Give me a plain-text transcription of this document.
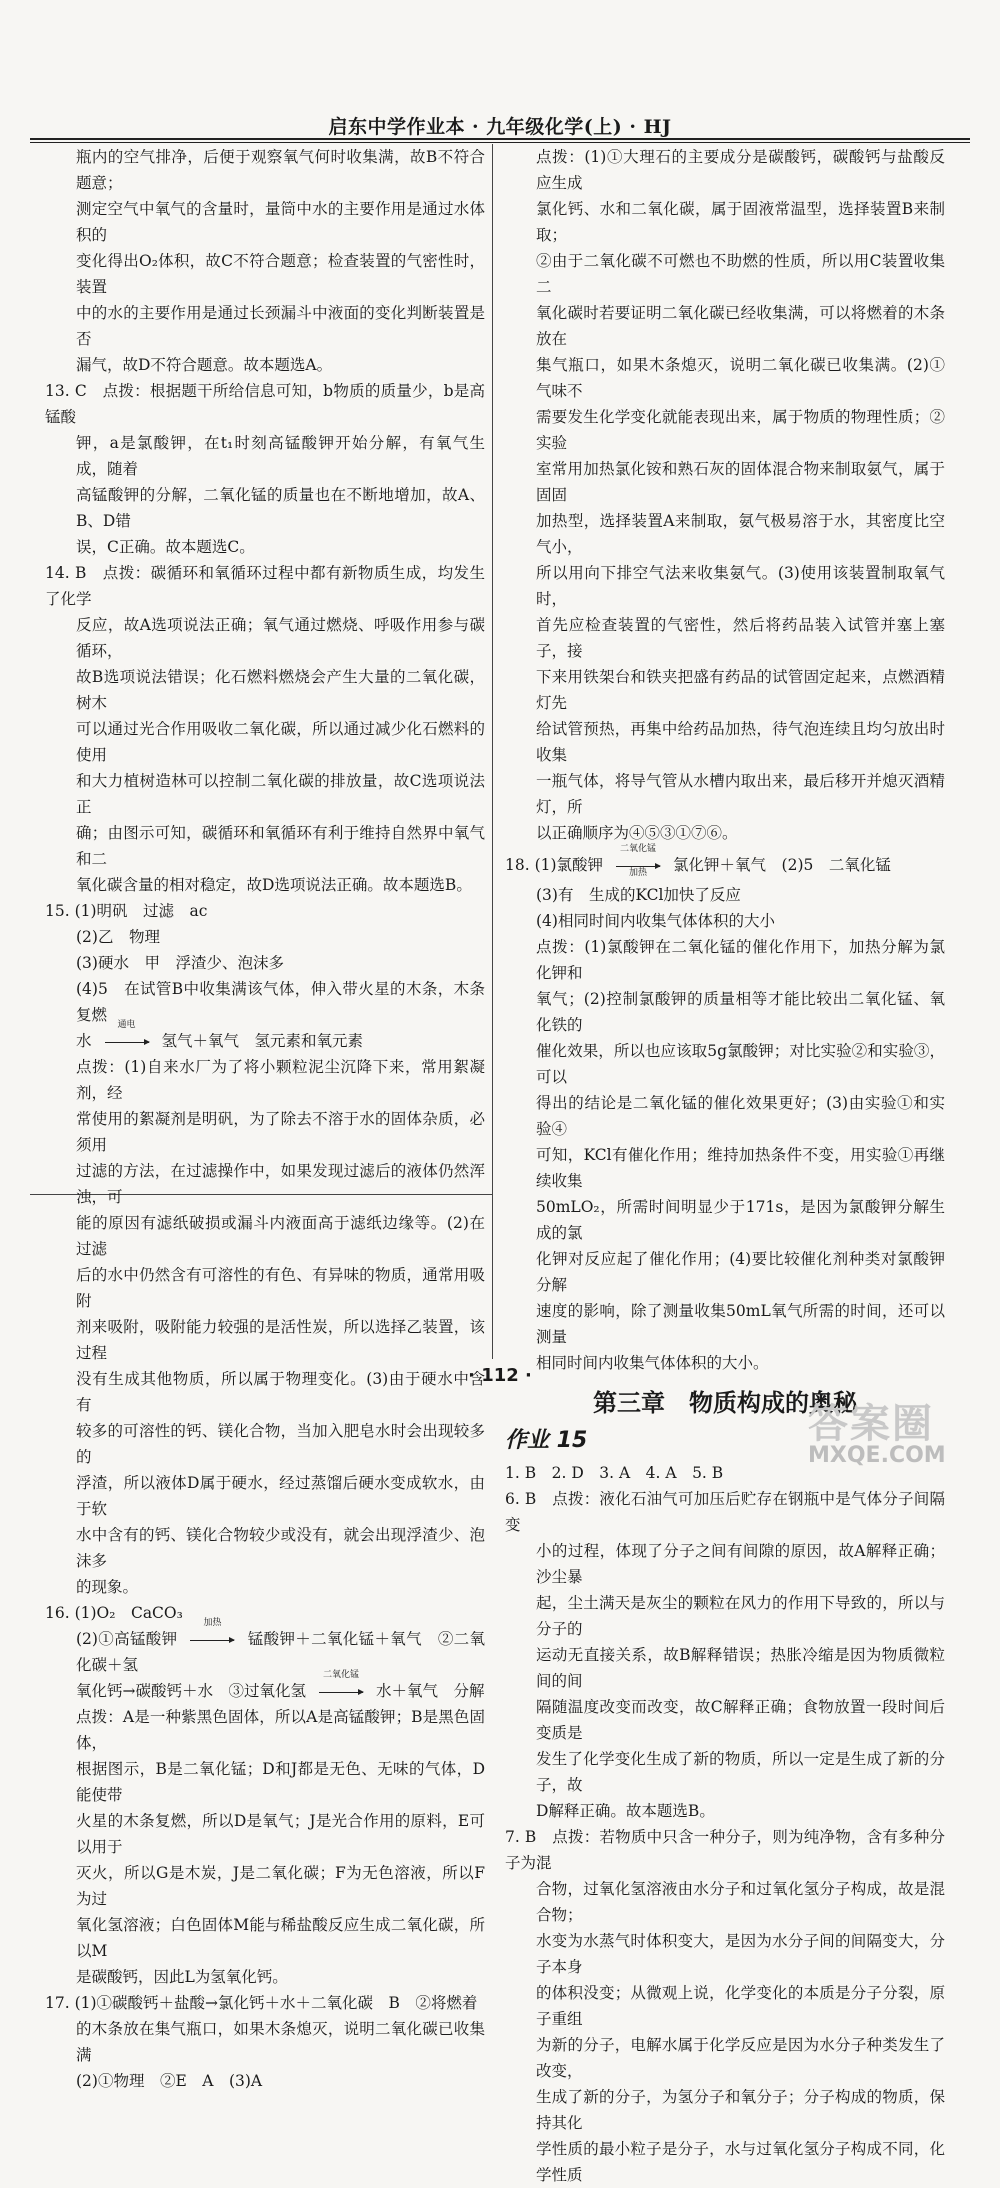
启东中学作业本 · 九年级化学(上) · HJ

瓶内的空气排净，后便于观察氧气何时收集满，故B不符合题意；

测定空气中氧气的含量时，量筒中水的主要作用是通过水体积的

变化得出O₂体积，故C不符合题意；检查装置的气密性时，装置

中的水的主要作用是通过长颈漏斗中液面的变化判断装置是否

漏气，故D不符合题意。故本题选A。

13. C　点拨：根据题干所给信息可知，b物质的质量少，b是高锰酸

钾，a是氯酸钾，在t₁时刻高锰酸钾开始分解，有氧气生成，随着

高锰酸钾的分解，二氧化锰的质量也在不断地增加，故A、B、D错

误，C正确。故本题选C。

14. B　点拨：碳循环和氧循环过程中都有新物质生成，均发生了化学

反应，故A选项说法正确；氧气通过燃烧、呼吸作用参与碳循环，

故B选项说法错误；化石燃料燃烧会产生大量的二氧化碳，树木

可以通过光合作用吸收二氧化碳，所以通过减少化石燃料的使用

和大力植树造林可以控制二氧化碳的排放量，故C选项说法正

确；由图示可知，碳循环和氧循环有利于维持自然界中氧气和二

氧化碳含量的相对稳定，故D选项说法正确。故本题选B。

15. (1)明矾　过滤　ac

(2)乙　物理

(3)硬水　甲　浮渣少、泡沫多

(4)5　在试管B中收集满该气体，伸入带火星的木条，木条复燃

水
通电
氢气＋氧气　氢元素和氧元素

点拨：(1)自来水厂为了将小颗粒泥尘沉降下来，常用絮凝剂，经

常使用的絮凝剂是明矾，为了除去不溶于水的固体杂质，必须用

过滤的方法，在过滤操作中，如果发现过滤后的液体仍然浑浊，可

能的原因有滤纸破损或漏斗内液面高于滤纸边缘等。(2)在过滤

后的水中仍然含有可溶性的有色、有异味的物质，通常用吸附

剂来吸附，吸附能力较强的是活性炭，所以选择乙装置，该过程

没有生成其他物质，所以属于物理变化。(3)由于硬水中含有

较多的可溶性的钙、镁化合物，当加入肥皂水时会出现较多的

浮渣，所以液体D属于硬水，经过蒸馏后硬水变成软水，由于软

水中含有的钙、镁化合物较少或没有，就会出现浮渣少、泡沫多

的现象。

16. (1)O₂　CaCO₃

(2)①高锰酸钾
加热
锰酸钾＋二氧化锰＋氧气　②二氧化碳＋氢

氧化钙→碳酸钙＋水　③过氧化氢
二氧化锰
水＋氧气　分解

点拨：A是一种紫黑色固体，所以A是高锰酸钾；B是黑色固体，

根据图示，B是二氧化锰；D和J都是无色、无味的气体，D能使带

火星的木条复燃，所以D是氧气；J是光合作用的原料，E可以用于

灭火，所以G是木炭，J是二氧化碳；F为无色溶液，所以F为过

氧化氢溶液；白色固体M能与稀盐酸反应生成二氧化碳，所以M

是碳酸钙，因此L为氢氧化钙。

17. (1)①碳酸钙＋盐酸→氯化钙＋水＋二氧化碳　B　②将燃着

的木条放在集气瓶口，如果木条熄灭，说明二氧化碳已收集满

(2)①物理　②E　A　(3)A

点拨：(1)①大理石的主要成分是碳酸钙，碳酸钙与盐酸反应生成

氯化钙、水和二氧化碳，属于固液常温型，选择装置B来制取；

②由于二氧化碳不可燃也不助燃的性质，所以用C装置收集二

氧化碳时若要证明二氧化碳已经收集满，可以将燃着的木条放在

集气瓶口，如果木条熄灭，说明二氧化碳已收集满。(2)①气味不

需要发生化学变化就能表现出来，属于物质的物理性质；②实验

室常用加热氯化铵和熟石灰的固体混合物来制取氨气，属于固固

加热型，选择装置A来制取，氨气极易溶于水，其密度比空气小，

所以用向下排空气法来收集氨气。(3)使用该装置制取氧气时，

首先应检查装置的气密性，然后将药品装入试管并塞上塞子，接

下来用铁架台和铁夹把盛有药品的试管固定起来，点燃酒精灯先

给试管预热，再集中给药品加热，待气泡连续且均匀放出时收集

一瓶气体，将导气管从水槽内取出来，最后移开并熄灭酒精灯，所

以正确顺序为④⑤③①⑦⑥。

18. (1)氯酸钾
二氧化锰
加热	氯化钾＋氧气　(2)5　二氧化锰

(3)有　生成的KCl加快了反应

(4)相同时间内收集气体体积的大小

点拨：(1)氯酸钾在二氧化锰的催化作用下，加热分解为氯化钾和

氧气；(2)控制氯酸钾的质量相等才能比较出二氧化锰、氧化铁的

催化效果，所以也应该取5g氯酸钾；对比实验②和实验③，可以

得出的结论是二氧化锰的催化效果更好；(3)由实验①和实验④

可知，KCl有催化作用；维持加热条件不变，用实验①再继续收集

50mLO₂，所需时间明显少于171s，是因为氯酸钾分解生成的氯

化钾对反应起了催化作用；(4)要比较催化剂种类对氯酸钾分解

速度的影响，除了测量收集50mL氧气所需的时间，还可以测量

相同时间内收集气体体积的大小。

第三章　物质构成的奥秘
作业 15

1. B　2. D　3. A　4. A　5. B

6. B　点拨：液化石油气可加压后贮存在钢瓶中是气体分子间隔变

小的过程，体现了分子之间有间隙的原因，故A解释正确；沙尘暴

起，尘土满天是灰尘的颗粒在风力的作用下导致的，所以与分子的

运动无直接关系，故B解释错误；热胀冷缩是因为物质微粒间的间

隔随温度改变而改变，故C解释正确；食物放置一段时间后变质是

发生了化学变化生成了新的物质，所以一定是生成了新的分子，故

D解释正确。故本题选B。

7. B　点拨：若物质中只含一种分子，则为纯净物，含有多种分子为混

合物，过氧化氢溶液由水分子和过氧化氢分子构成，故是混合物；

水变为水蒸气时体积变大，是因为水分子间的间隔变大，分子本身

的体积没变；从微观上说，化学变化的本质是分子分裂，原子重组

为新的分子，电解水属于化学反应是因为水分子种类发生了改变，

生成了新的分子，为氢分子和氧分子；分子构成的物质，保持其化

学性质的最小粒子是分子，水与过氧化氢分子构成不同，化学性质

· 112 ·
答案圈
MXQE.COM
